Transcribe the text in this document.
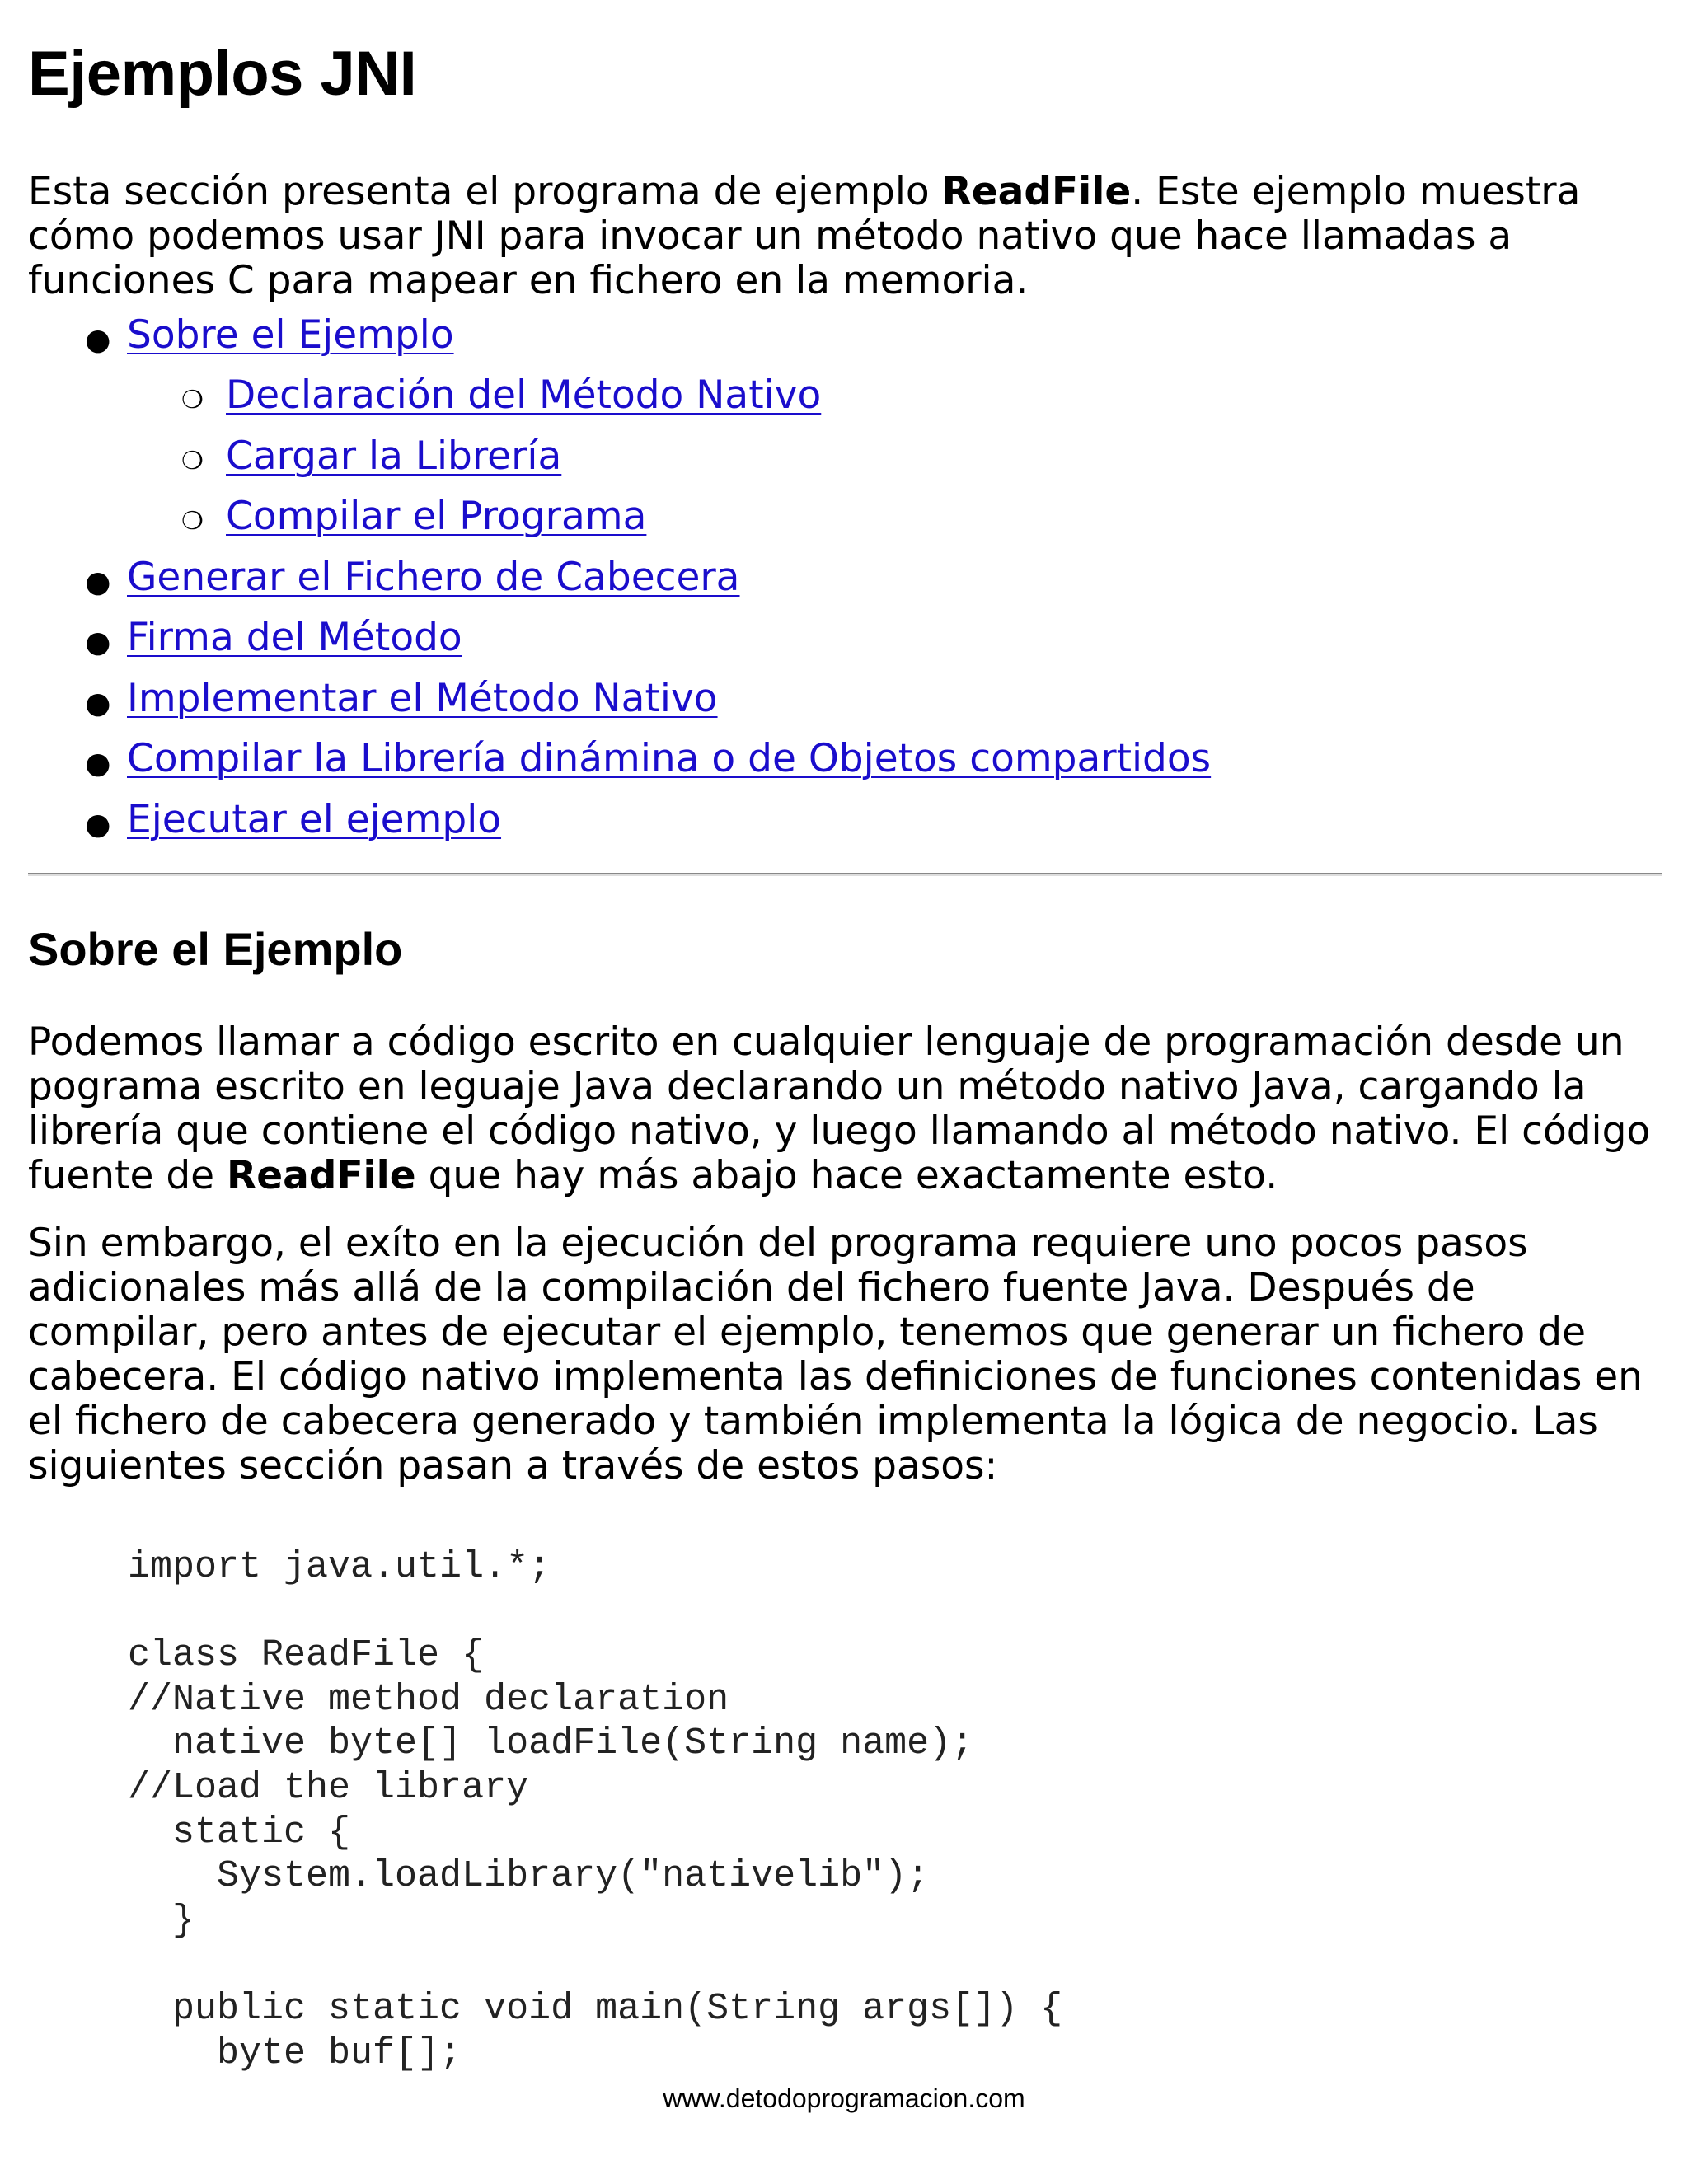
Ejemplos JNI

Esta sección presenta el programa de ejemplo ReadFile. Este ejemplo muestra cómo podemos usar JNI para invocar un método nativo que hace llamadas a funciones C para mapear en fichero en la memoria.

● Sobre el Ejemplo
❍ Declaración del Método Nativo
❍ Cargar la Librería
❍ Compilar el Programa
● Generar el Fichero de Cabecera
● Firma del Método
● Implementar el Método Nativo
● Compilar la Librería dinámina o de Objetos compartidos
● Ejecutar el ejemplo
Sobre el Ejemplo

Podemos llamar a código escrito en cualquier lenguaje de programación desde un pograma escrito en leguaje Java declarando un método nativo Java, cargando la librería que contiene el código nativo, y luego llamando al método nativo. El código fuente de ReadFile que hay más abajo hace exactamente esto.

Sin embargo, el exíto en la ejecución del programa requiere uno pocos pasos adicionales más allá de la compilación del fichero fuente Java. Después de compilar, pero antes de ejecutar el ejemplo, tenemos que generar un fichero de cabecera. El código nativo implementa las definiciones de funciones contenidas en el fichero de cabecera generado y también implementa la lógica de negocio. Las siguientes sección pasan a través de estos pasos:

import java.util.*;

class ReadFile {
//Native method declaration
native byte[] loadFile(String name);
//Load the library
static {
System.loadLibrary("nativelib");
}

public static void main(String args[]) {
byte buf[];
www.detodoprogramacion.com
